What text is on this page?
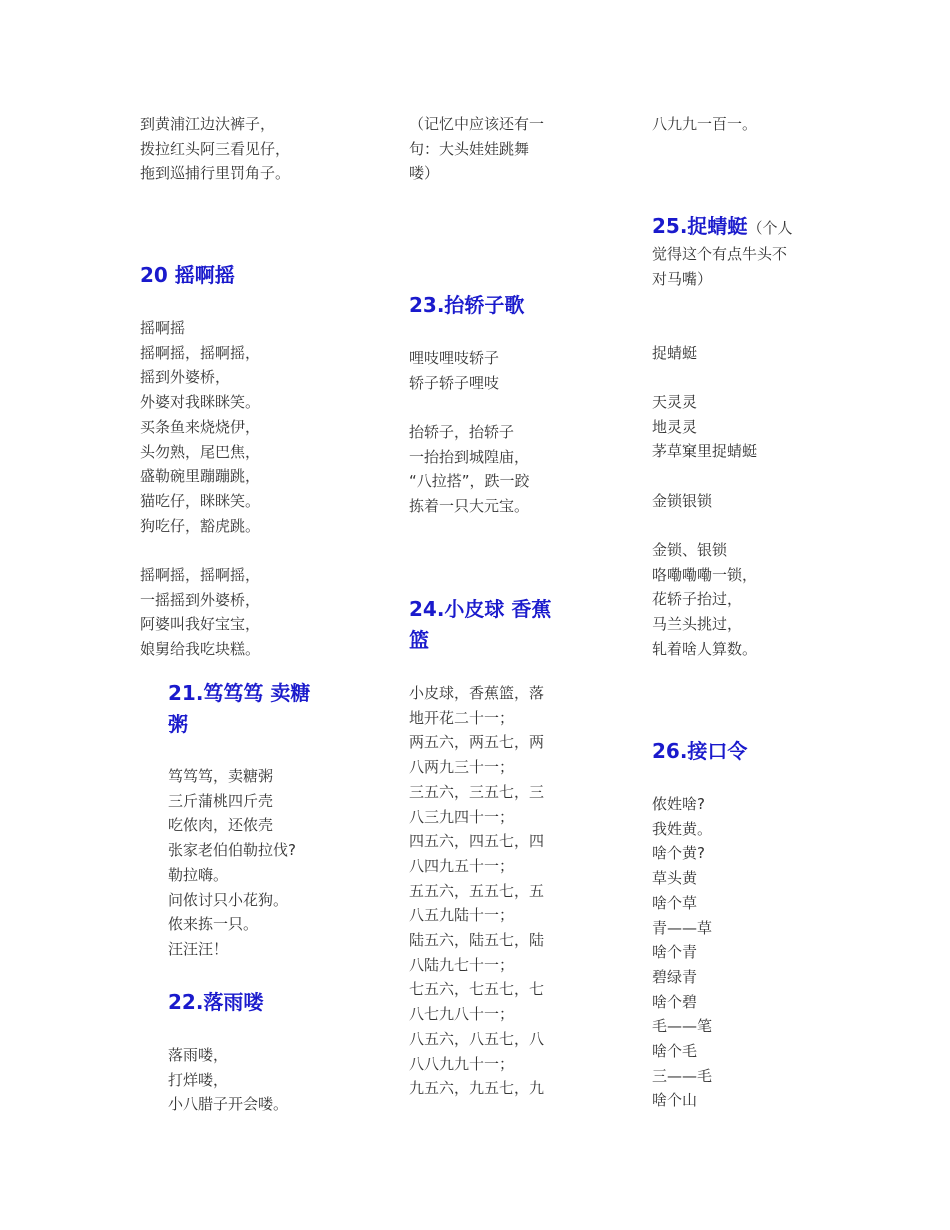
到黄浦江边汏裤子，

拨拉红头阿三看见仔，

拖到巡捕行里罚角子。

20 摇啊摇

摇啊摇

摇啊摇，摇啊摇，

摇到外婆桥，

外婆对我眯眯笑。

买条鱼来烧烧伊，

头勿熟，尾巴焦，

盛勒碗里蹦蹦跳，

猫吃仔，眯眯笑。

狗吃仔，豁虎跳。

摇啊摇，摇啊摇，

一摇摇到外婆桥，

阿婆叫我好宝宝，

娘舅给我吃块糕。

21.笃笃笃 卖糖

粥

笃笃笃，卖糖粥

三斤蒲桃四斤壳

吃侬肉，还侬壳

张家老伯伯勒拉伐?

勒拉嗨。

问侬讨只小花狗。

侬来拣一只。

汪汪汪！

22.落雨喽

落雨喽，

打烊喽，

小八腊子开会喽。

（记忆中应该还有一

句：大头娃娃跳舞

喽）

23.抬轿子歌

哩吱哩吱轿子

轿子轿子哩吱

抬轿子，抬轿子

一抬抬到城隍庙，

“八拉搭”，跌一跤

拣着一只大元宝。

24.小皮球 香蕉

篮

小皮球，香蕉篮，落

地开花二十一；

两五六，两五七，两

八两九三十一；

三五六，三五七，三

八三九四十一；

四五六，四五七，四

八四九五十一；

五五六，五五七，五

八五九陆十一；

陆五六，陆五七，陆

八陆九七十一；

七五六，七五七，七

八七九八十一；

八五六，八五七，八

八八九九十一；

九五六，九五七，九

八九九一百一。

25.捉蜻蜓（个人

觉得这个有点牛头不

对马嘴）

捉蜻蜓

天灵灵

地灵灵

茅草窠里捉蜻蜓

金锁银锁

金锁、银锁

咯嘞嘞嘞一锁，

花轿子抬过，

马兰头挑过，

轧着啥人算数。

26.接口令

侬姓啥?

我姓黄。

啥个黄?

草头黄

啥个草

青——草

啥个青

碧绿青

啥个碧

毛——笔

啥个毛

三——毛

啥个山
